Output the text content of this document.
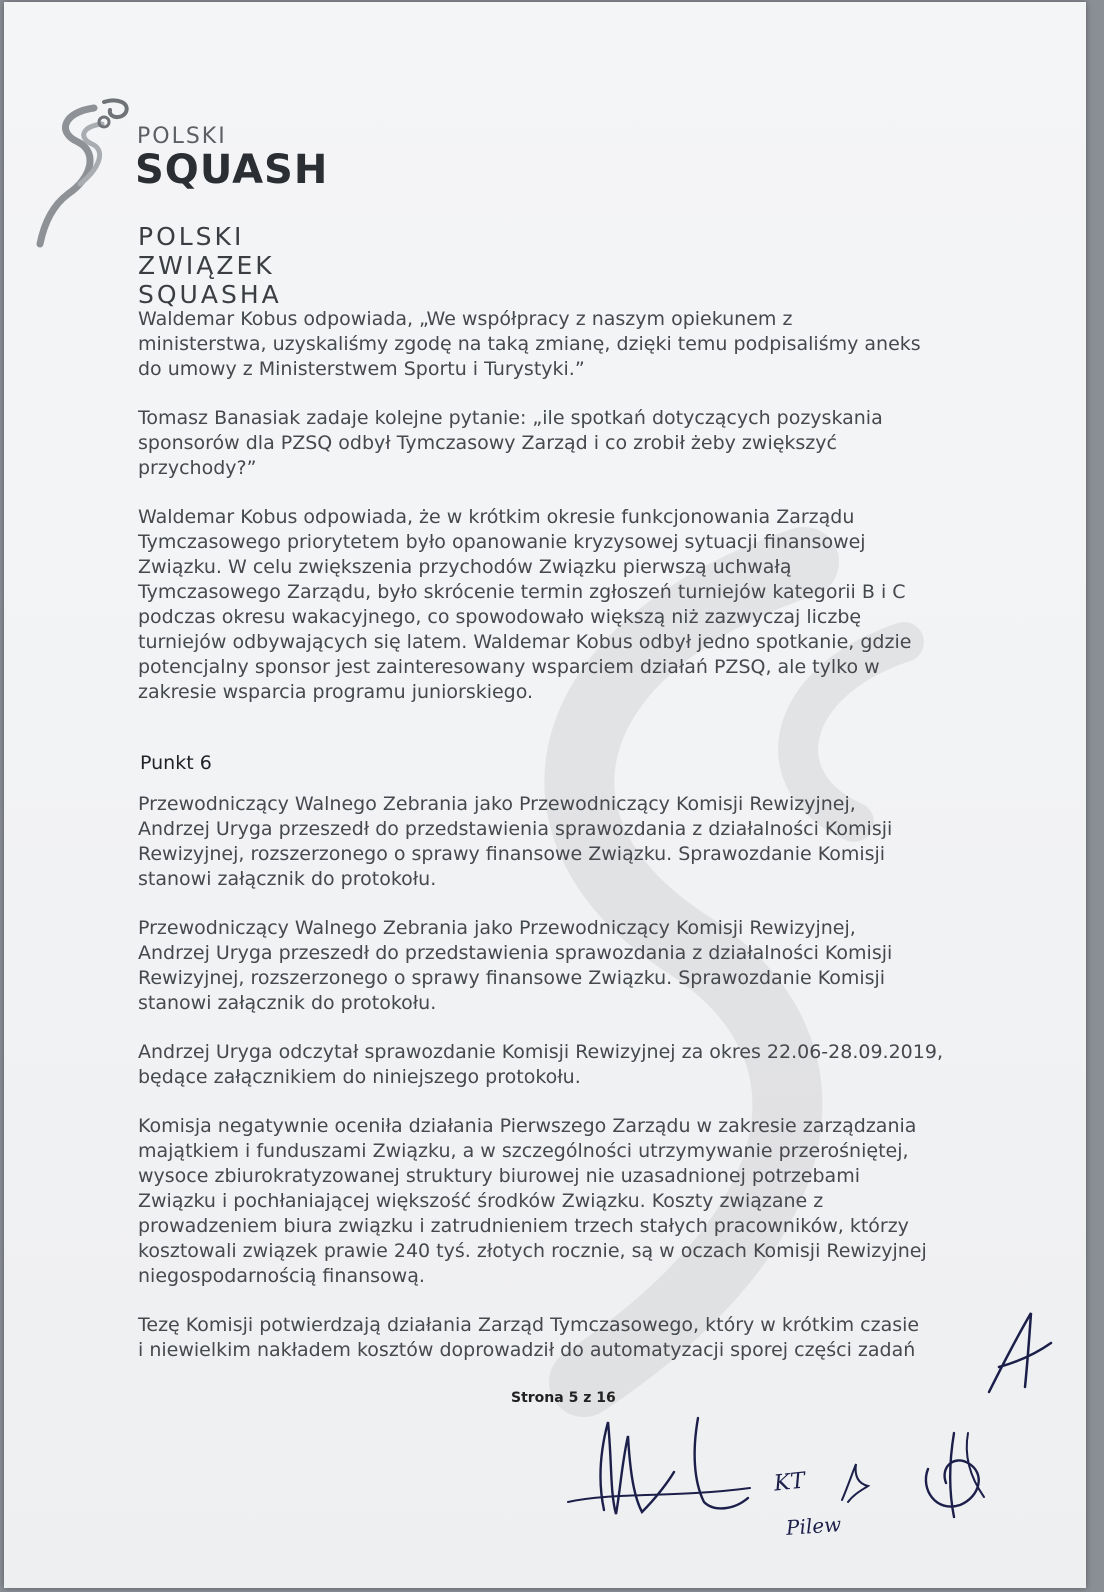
POLSKI
SQUASH
POLSKI
ZWIĄZEK
SQUASHA

Waldemar Kobus odpowiada, „We współpracy z naszym opiekunem z
ministerstwa, uzyskaliśmy zgodę na taką zmianę, dzięki temu podpisaliśmy aneks
do umowy z Ministerstwem Sportu i Turystyki.”

Tomasz Banasiak zadaje kolejne pytanie: „ile spotkań dotyczących pozyskania
sponsorów dla PZSQ odbył Tymczasowy Zarząd i co zrobił żeby zwiększyć
przychody?”

Waldemar Kobus odpowiada, że w krótkim okresie funkcjonowania Zarządu
Tymczasowego priorytetem było opanowanie kryzysowej sytuacji finansowej
Związku. W celu zwiększenia przychodów Związku pierwszą uchwałą
Tymczasowego Zarządu, było skrócenie termin zgłoszeń turniejów kategorii B i C
podczas okresu wakacyjnego, co spowodowało większą niż zazwyczaj liczbę
turniejów odbywających się latem. Waldemar Kobus odbył jedno spotkanie, gdzie
potencjalny sponsor jest zainteresowany wsparciem działań PZSQ, ale tylko w
zakresie wsparcia programu juniorskiego.

Punkt 6

Przewodniczący Walnego Zebrania jako Przewodniczący Komisji Rewizyjnej,
Andrzej Uryga przeszedł do przedstawienia sprawozdania z działalności Komisji
Rewizyjnej, rozszerzonego o sprawy finansowe Związku. Sprawozdanie Komisji
stanowi załącznik do protokołu.

Przewodniczący Walnego Zebrania jako Przewodniczący Komisji Rewizyjnej,
Andrzej Uryga przeszedł do przedstawienia sprawozdania z działalności Komisji
Rewizyjnej, rozszerzonego o sprawy finansowe Związku. Sprawozdanie Komisji
stanowi załącznik do protokołu.

Andrzej Uryga odczytał sprawozdanie Komisji Rewizyjnej za okres 22.06-28.09.2019,
będące załącznikiem do niniejszego protokołu.

Komisja negatywnie oceniła działania Pierwszego Zarządu w zakresie zarządzania
majątkiem i funduszami Związku, a w szczególności utrzymywanie przerośniętej,
wysoce zbiurokratyzowanej struktury biurowej nie uzasadnionej potrzebami
Związku i pochłaniającej większość środków Związku. Koszty związane z
prowadzeniem biura związku i zatrudnieniem trzech stałych pracowników, którzy
kosztowali związek prawie 240 tyś. złotych rocznie, są w oczach Komisji Rewizyjnej
niegospodarnością finansową.

Tezę Komisji potwierdzają działania Zarząd Tymczasowego, który w krótkim czasie
i niewielkim nakładem kosztów doprowadził do automatyzacji sporej części zadań

Strona 5 z 16
KT
Pilew
